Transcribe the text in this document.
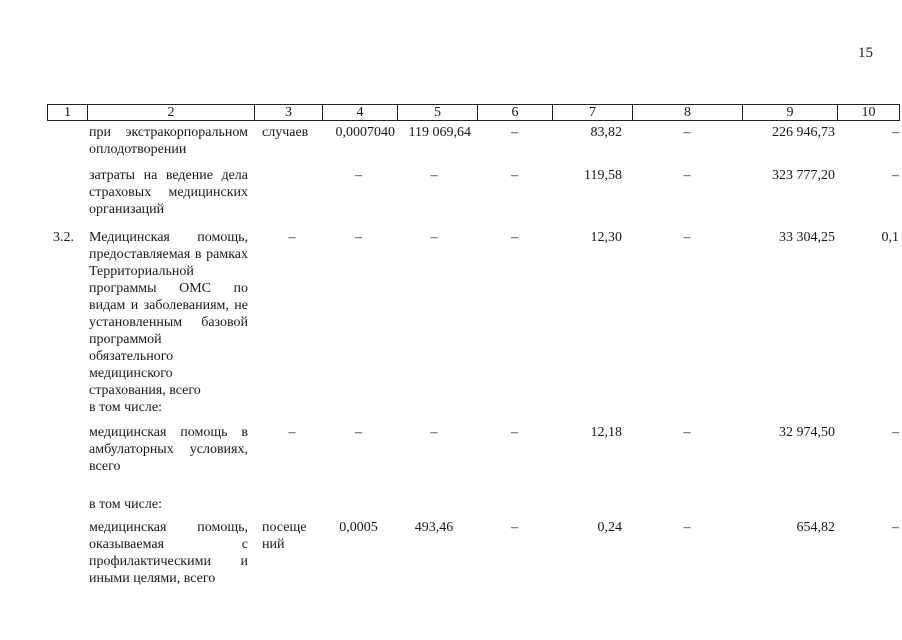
15
1	2	3	4	5	6	7	8	9	10
	при экстракорпоральном оплодотворении	случаев	0,0007040	119 069,64	–	83,82	–	226 946,73	–
	затраты на ведение дела страховых медицинских организаций		–	–	–	119,58	–	323 777,20	–
3.2.	Медицинская помощь, предоставляемая в рамках Территориальной программы ОМС по видам и заболеваниям, не установленным базовой программой обязательного медицинского страхования, всего	–	–	–	–	12,30	–	33 304,25	0,1
	в том числе:								
	медицинская помощь в амбулаторных условиях, всего	–	–	–	–	12,18	–	32 974,50	–
	в том числе:								
	медицинская помощь, оказываемая с профилактическими и иными целями, всего	посещений	0,0005	493,46	–	0,24	–	654,82	–
